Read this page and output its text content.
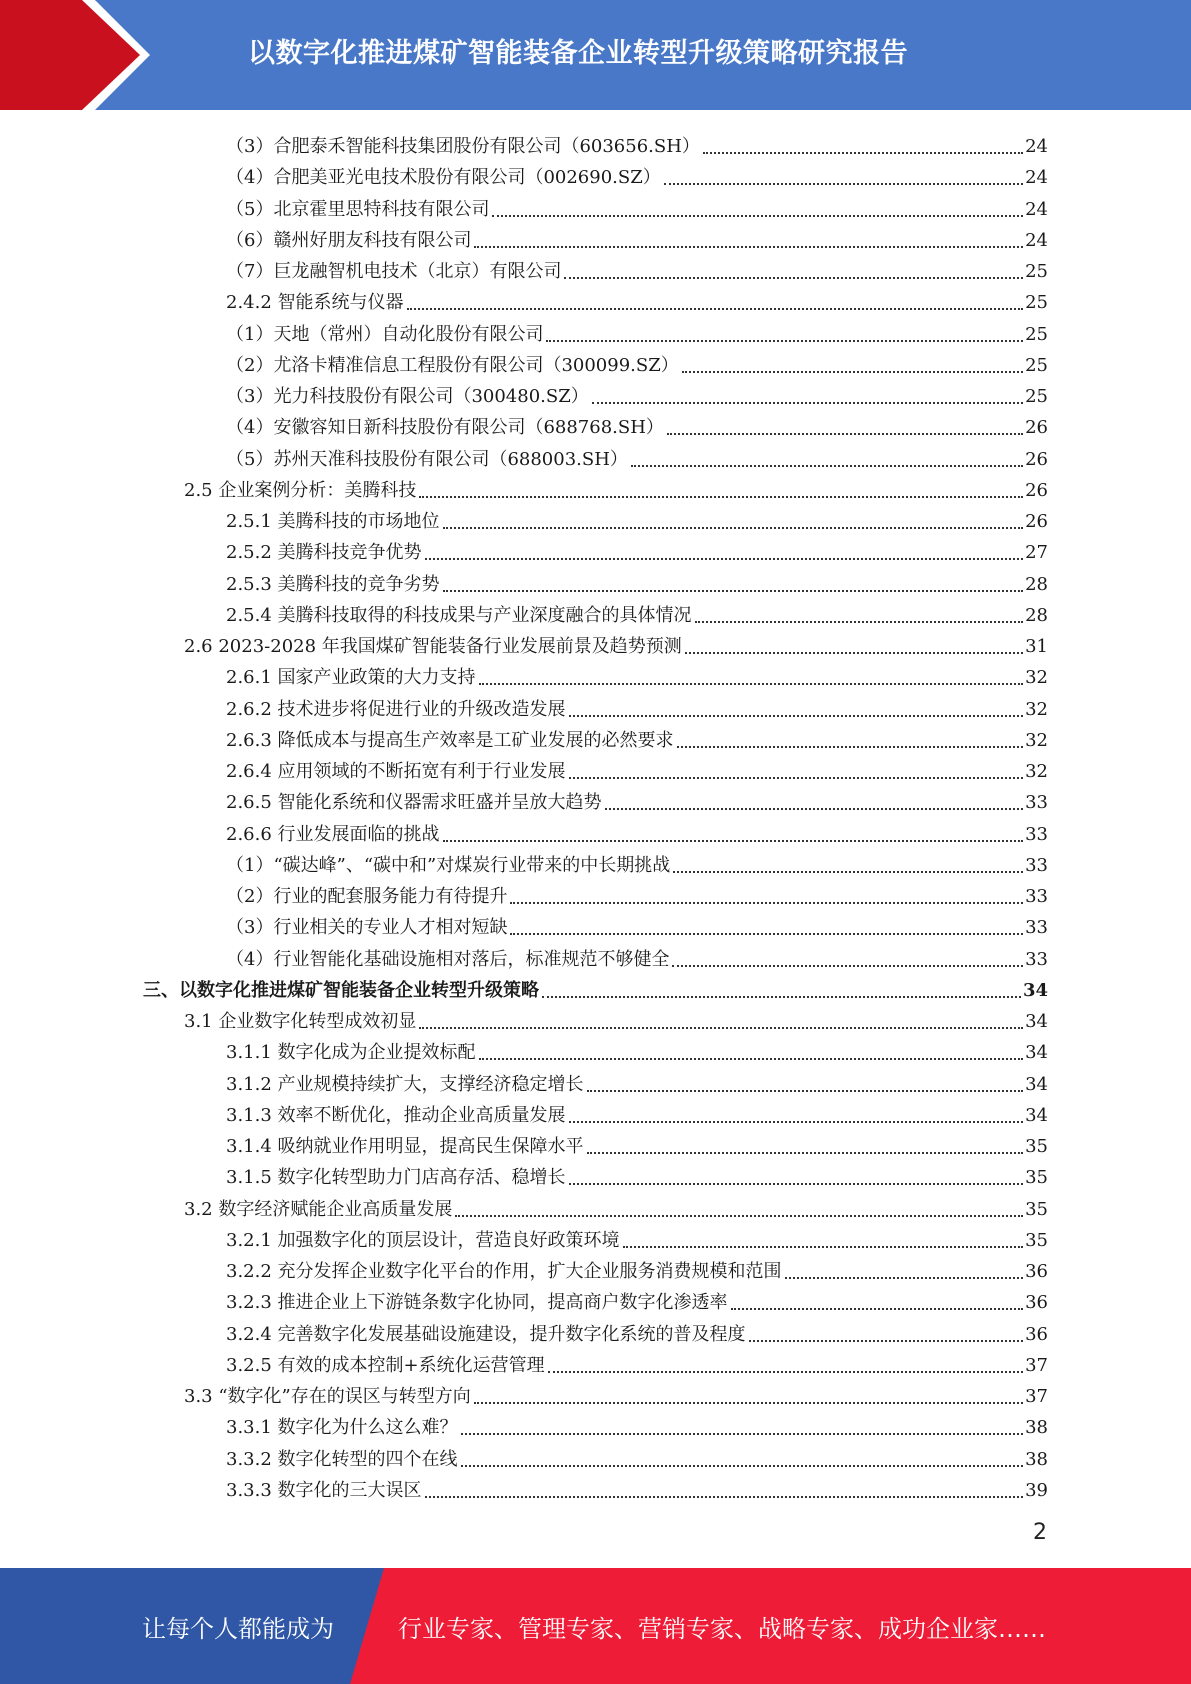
以数字化推进煤矿智能装备企业转型升级策略研究报告
（3）合肥泰禾智能科技集团股份有限公司（603656.SH）	24
（4）合肥美亚光电技术股份有限公司（002690.SZ）	24
（5）北京霍里思特科技有限公司	24
（6）赣州好朋友科技有限公司	24
（7）巨龙融智机电技术（北京）有限公司	25
2.4.2 智能系统与仪器	25
（1）天地（常州）自动化股份有限公司	25
（2）尤洛卡精准信息工程股份有限公司（300099.SZ）	25
（3）光力科技股份有限公司（300480.SZ）	25
（4）安徽容知日新科技股份有限公司（688768.SH）	26
（5）苏州天准科技股份有限公司（688003.SH）	26
2.5 企业案例分析：美腾科技	26
2.5.1 美腾科技的市场地位	26
2.5.2 美腾科技竞争优势	27
2.5.3 美腾科技的竞争劣势	28
2.5.4 美腾科技取得的科技成果与产业深度融合的具体情况	28
2.6 2023-2028 年我国煤矿智能装备行业发展前景及趋势预测	31
2.6.1 国家产业政策的大力支持	32
2.6.2 技术进步将促进行业的升级改造发展	32
2.6.3 降低成本与提高生产效率是工矿业发展的必然要求	32
2.6.4 应用领域的不断拓宽有利于行业发展	32
2.6.5 智能化系统和仪器需求旺盛并呈放大趋势	33
2.6.6 行业发展面临的挑战	33
（1）“碳达峰”、“碳中和”对煤炭行业带来的中长期挑战	33
（2）行业的配套服务能力有待提升	33
（3）行业相关的专业人才相对短缺	33
（4）行业智能化基础设施相对落后，标准规范不够健全	33
三、以数字化推进煤矿智能装备企业转型升级策略	34
3.1 企业数字化转型成效初显	34
3.1.1 数字化成为企业提效标配	34
3.1.2 产业规模持续扩大，支撑经济稳定增长	34
3.1.3 效率不断优化，推动企业高质量发展	34
3.1.4 吸纳就业作用明显，提高民生保障水平	35
3.1.5 数字化转型助力门店高存活、稳增长	35
3.2 数字经济赋能企业高质量发展	35
3.2.1 加强数字化的顶层设计，营造良好政策环境	35
3.2.2 充分发挥企业数字化平台的作用，扩大企业服务消费规模和范围	36
3.2.3 推进企业上下游链条数字化协同，提高商户数字化渗透率	36
3.2.4 完善数字化发展基础设施建设，提升数字化系统的普及程度	36
3.2.5 有效的成本控制+系统化运营管理	37
3.3 “数字化”存在的误区与转型方向	37
3.3.1 数字化为什么这么难？	38
3.3.2 数字化转型的四个在线	38
3.3.3 数字化的三大误区	39
2
让每个人都能成为	行业专家、管理专家、营销专家、战略专家、成功企业家……
